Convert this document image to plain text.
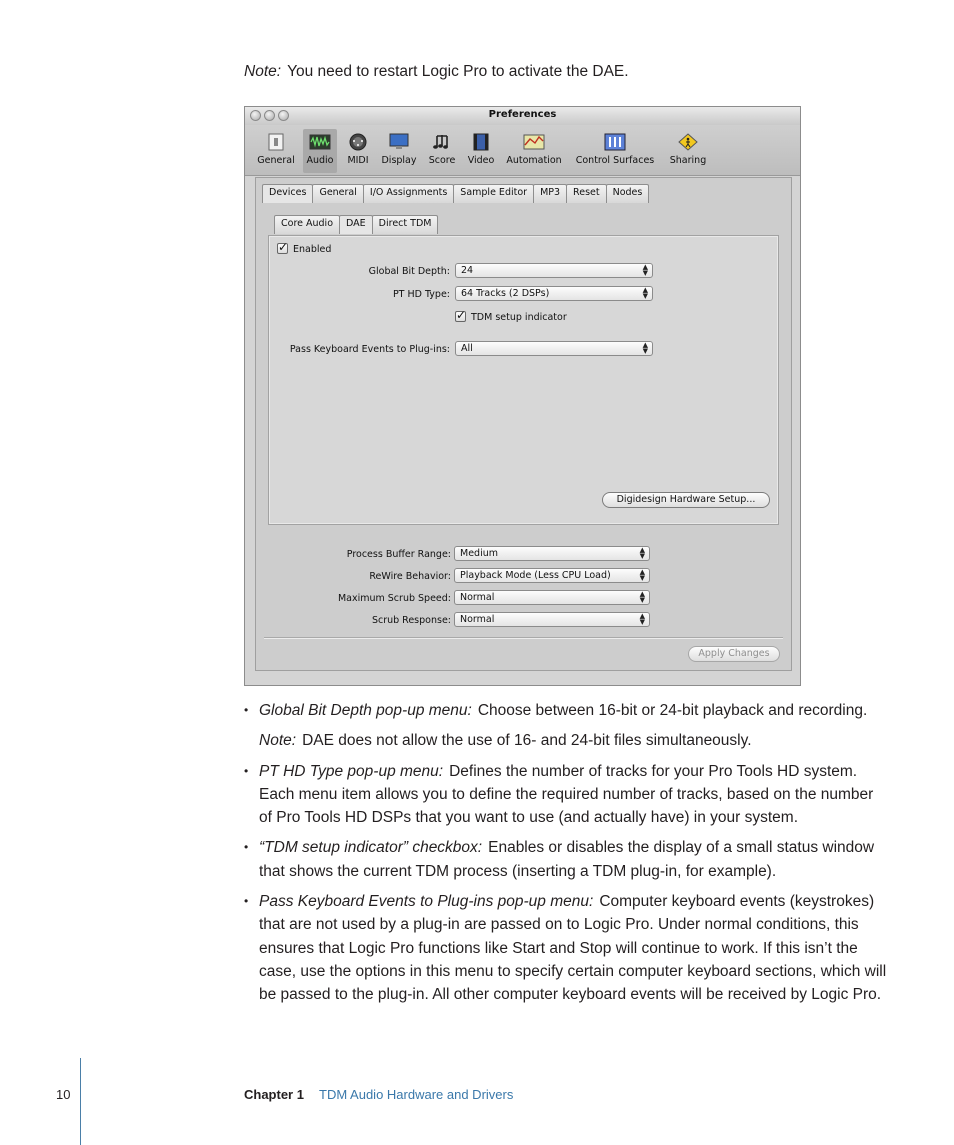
Note: You need to restart Logic Pro to activate the DAE.
Preferences
General	Audio	MIDI	Display	Score	Video	Automation	Control Surfaces	Sharing
Devices	General	I/O Assignments	Sample Editor	MP3	Reset	Nodes
Core Audio	DAE	Direct TDM
✓
Enabled
Global Bit Depth:	24	▲
▼
PT HD Type:	64 Tracks (2 DSPs)	▲
▼
✓
TDM setup indicator
Pass Keyboard Events to Plug-ins:	All	▲
▼
Digidesign Hardware Setup...
Process Buffer Range: Medium	▲
▼
ReWire Behavior: Playback Mode (Less CPU Load)	▲
▼
Maximum Scrub Speed: Normal	▲
▼
Scrub Response: Normal	▲
▼
Apply Changes
• Global Bit Depth pop-up menu: Choose between 16-bit or 24-bit playback and recording.
Note: DAE does not allow the use of 16- and 24-bit files simultaneously.
• PT HD Type pop-up menu: Defines the number of tracks for your Pro Tools HD system. Each menu item allows you to define the required number of tracks, based on the number of Pro Tools HD DSPs that you want to use (and actually have) in your system.
• “TDM setup indicator” checkbox: Enables or disables the display of a small status window that shows the current TDM process (inserting a TDM plug-in, for example).
• Pass Keyboard Events to Plug-ins pop-up menu: Computer keyboard events (keystrokes) that are not used by a plug-in are passed on to Logic Pro. Under normal conditions, this ensures that Logic Pro functions like Start and Stop will continue to work. If this isn’t the case, use the options in this menu to specify certain computer keyboard sections, which will be passed to the plug-in. All other computer keyboard events will be received by Logic Pro.
10	Chapter 1 TDM Audio Hardware and Drivers
